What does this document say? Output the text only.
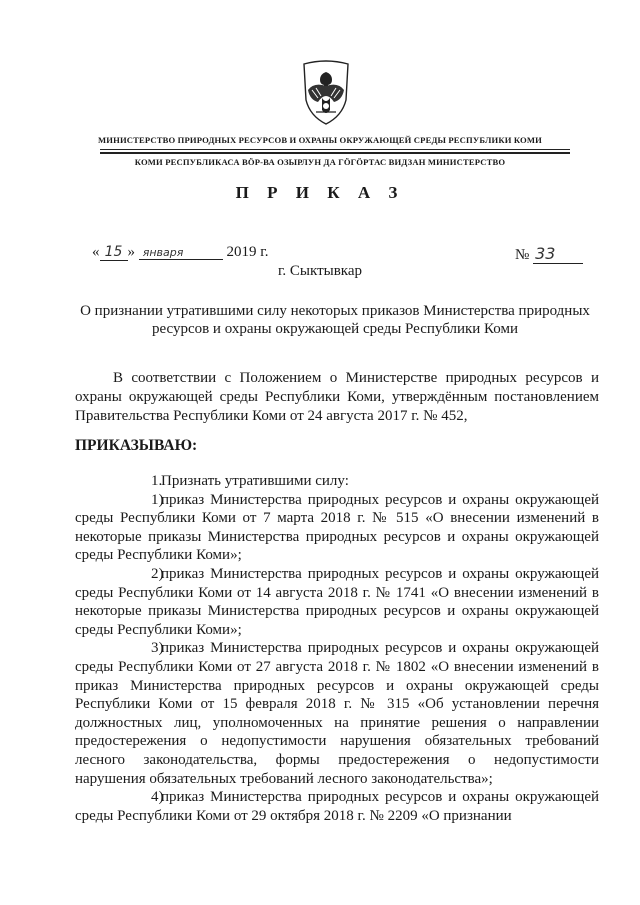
МИНИСТЕРСТВО ПРИРОДНЫХ РЕСУРСОВ И ОХРАНЫ ОКРУЖАЮЩЕЙ СРЕДЫ РЕСПУБЛИКИ КОМИ
КОМИ РЕСПУБЛИКАСА ВӦР-ВА ОЗЫРЛУН ДА ГӦГӦРТАС ВИДЗАН МИНИСТЕРСТВО
П Р И К А З
« 15 » января	2019 г.	№ 33
г. Сыктывкар
О признании утратившими силу некоторых приказов Министерства природных ресурсов и охраны окружающей среды Республики Коми
В соответствии с Положением о Министерстве природных ресурсов и охраны окружающей среды Республики Коми, утверждённым постановлением Правительства Республики Коми от 24 августа 2017 г. № 452,
ПРИКАЗЫВАЮ:

1.Признать утратившими силу:

1)приказ Министерства природных ресурсов и охраны окружающей среды Республики Коми от 7 марта 2018 г. № 515 «О внесении изменений в некоторые приказы Министерства природных ресурсов и охраны окружающей среды Республики Коми»;

2)приказ Министерства природных ресурсов и охраны окружающей среды Республики Коми от 14 августа 2018 г. № 1741 «О внесении изменений в некоторые приказы Министерства природных ресурсов и охраны окружающей среды Республики Коми»;

3)приказ Министерства природных ресурсов и охраны окружающей среды Республики Коми от 27 августа 2018 г. № 1802 «О внесении изменений в приказ Министерства природных ресурсов и охраны окружающей среды Республики Коми от 15 февраля 2018 г. № 315 «Об установлении перечня должностных лиц, уполномоченных на принятие решения о направлении предостережения о недопустимости нарушения обязательных требований лесного законодательства, формы предостережения о недопустимости нарушения обязательных требований лесного законодательства»;

4)приказ Министерства природных ресурсов и охраны окружающей среды Республики Коми от 29 октября 2018 г. № 2209 «О признании
